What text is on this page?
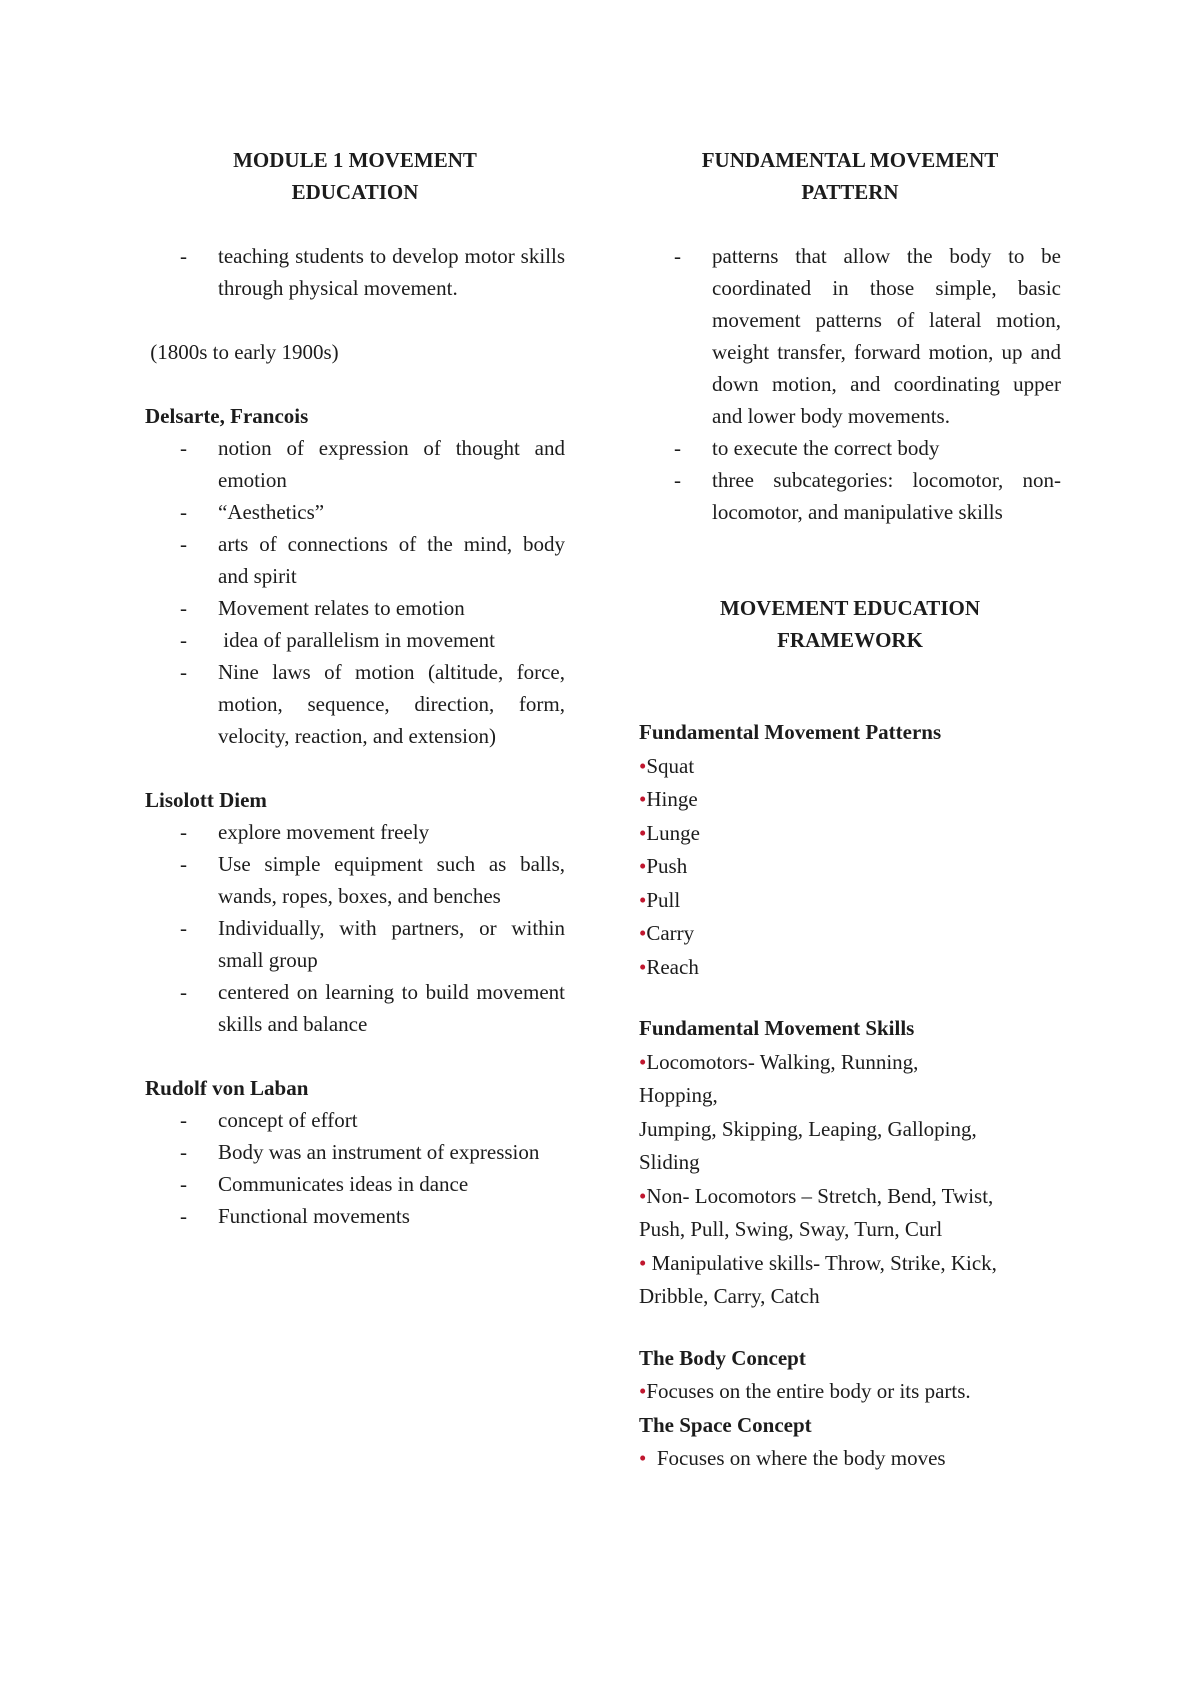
MODULE 1 MOVEMENT
EDUCATION

- teaching students to develop motor skills through physical movement.

(1800s to early 1900s)

Delsarte, Francois

- notion of expression of thought and emotion
- “Aesthetics”
- arts of connections of the mind, body and spirit
- Movement relates to emotion
-  idea of parallelism in movement
- Nine laws of motion (altitude, force, motion, sequence, direction, form, velocity, reaction, and extension)

Lisolott Diem

- explore movement freely
- Use simple equipment such as balls, wands, ropes, boxes, and benches
- Individually, with partners, or within small group
- centered on learning to build movement skills and balance

Rudolf von Laban

- concept of effort
- Body was an instrument of expression
- Communicates ideas in dance
- Functional movements

FUNDAMENTAL MOVEMENT
PATTERN

- patterns that allow the body to be coordinated in those simple, basic movement patterns of lateral motion, weight transfer, forward motion, up and down motion, and coordinating upper and lower body movements.
- to execute the correct body
- three subcategories: locomotor, non-locomotor, and manipulative skills

MOVEMENT EDUCATION
FRAMEWORK

Fundamental Movement Patterns

•Squat

•Hinge

•Lunge

•Push

•Pull

•Carry

•Reach

Fundamental Movement Skills

•Locomotors- Walking, Running,

Hopping,

Jumping, Skipping, Leaping, Galloping,

Sliding

•Non- Locomotors – Stretch, Bend, Twist,

Push, Pull, Swing, Sway, Turn, Curl

• Manipulative skills- Throw, Strike, Kick,

Dribble, Carry, Catch

The Body Concept

•Focuses on the entire body or its parts.

The Space Concept

•  Focuses on where the body moves
